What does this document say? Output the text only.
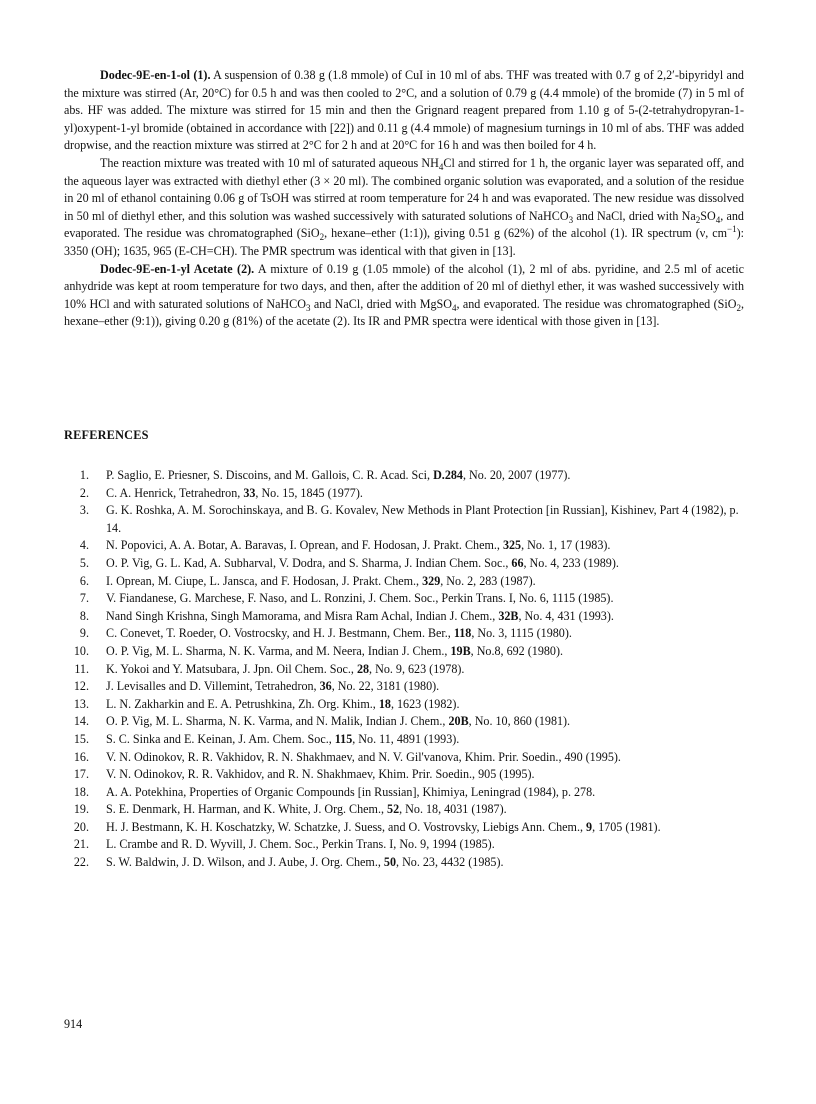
Dodec-9E-en-1-ol (1). A suspension of 0.38 g (1.8 mmole) of CuI in 10 ml of abs. THF was treated with 0.7 g of 2,2′-bipyridyl and the mixture was stirred (Ar, 20°C) for 0.5 h and was then cooled to 2°C, and a solution of 0.79 g (4.4 mmole) of the bromide (7) in 5 ml of abs. HF was added. The mixture was stirred for 15 min and then the Grignard reagent prepared from 1.10 g of 5-(2-tetrahydropyran-1-yl)oxypent-1-yl bromide (obtained in accordance with [22]) and 0.11 g (4.4 mmole) of magnesium turnings in 10 ml of abs. THF was added dropwise, and the reaction mixture was stirred at 2°C for 2 h and at 20°C for 16 h and was then boiled for 4 h.

The reaction mixture was treated with 10 ml of saturated aqueous $NH_4Cl$ and stirred for 1 h, the organic layer was separated off, and the aqueous layer was extracted with diethyl ether (3 × 20 ml). The combined organic solution was evaporated, and a solution of the residue in 20 ml of ethanol containing 0.06 g of TsOH was stirred at room temperature for 24 h and was evaporated. The new residue was dissolved in 50 ml of diethyl ether, and this solution was washed successively with saturated solutions of NaHCO$_3$ and NaCl, dried with $Na_2SO_4$, and evaporated. The residue was chromatographed (SiO$_2$, hexane–ether (1:1)), giving 0.51 g (62%) of the alcohol (1). IR spectrum (ν, $cm^{-1}$): 3350 (OH); 1635, 965 (E-CH=CH). The PMR spectrum was identical with that given in [13].

Dodec-9E-en-1-yl Acetate (2). A mixture of 0.19 g (1.05 mmole) of the alcohol (1), 2 ml of abs. pyridine, and 2.5 ml of acetic anhydride was kept at room temperature for two days, and then, after the addition of 20 ml of diethyl ether, it was washed successively with 10% HCl and with saturated solutions of NaHCO$_3$ and NaCl, dried with MgSO$_4$, and evaporated. The residue was chromatographed (SiO$_2$, hexane–ether (9:1)), giving 0.20 g (81%) of the acetate (2). Its IR and PMR spectra were identical with those given in [13].

REFERENCES
1.	P. Saglio, E. Priesner, S. Discoins, and M. Gallois, C. R. Acad. Sci, D.284, No. 20, 2007 (1977).
2.	C. A. Henrick, Tetrahedron, 33, No. 15, 1845 (1977).
3.	G. K. Roshka, A. M. Sorochinskaya, and B. G. Kovalev, New Methods in Plant Protection [in Russian], Kishinev, Part 4 (1982), p. 14.
4.	N. Popovici, A. A. Botar, A. Baravas, I. Oprean, and F. Hodosan, J. Prakt. Chem., 325, No. 1, 17 (1983).
5.	O. P. Vig, G. L. Kad, A. Subharval, V. Dodra, and S. Sharma, J. Indian Chem. Soc., 66, No. 4, 233 (1989).
6.	I. Oprean, M. Ciupe, L. Jansca, and F. Hodosan, J. Prakt. Chem., 329, No. 2, 283 (1987).
7.	V. Fiandanese, G. Marchese, F. Naso, and L. Ronzini, J. Chem. Soc., Perkin Trans. I, No. 6, 1115 (1985).
8.	Nand Singh Krishna, Singh Mamorama, and Misra Ram Achal, Indian J. Chem., 32B, No. 4, 431 (1993).
9.	C. Conevet, T. Roeder, O. Vostrocsky, and H. J. Bestmann, Chem. Ber., 118, No. 3, 1115 (1980).
10.	O. P. Vig, M. L. Sharma, N. K. Varma, and M. Neera, Indian J. Chem., 19B, No.8, 692 (1980).
11.	K. Yokoi and Y. Matsubara, J. Jpn. Oil Chem. Soc., 28, No. 9, 623 (1978).
12.	J. Levisalles and D. Villemint, Tetrahedron, 36, No. 22, 3181 (1980).
13.	L. N. Zakharkin and E. A. Petrushkina, Zh. Org. Khim., 18, 1623 (1982).
14.	O. P. Vig, M. L. Sharma, N. K. Varma, and N. Malik, Indian J. Chem., 20B, No. 10, 860 (1981).
15.	S. C. Sinka and E. Keinan, J. Am. Chem. Soc., 115, No. 11, 4891 (1993).
16.	V. N. Odinokov, R. R. Vakhidov, R. N. Shakhmaev, and N. V. Gil'vanova, Khim. Prir. Soedin., 490 (1995).
17.	V. N. Odinokov, R. R. Vakhidov, and R. N. Shakhmaev, Khim. Prir. Soedin., 905 (1995).
18.	A. A. Potekhina, Properties of Organic Compounds [in Russian], Khimiya, Leningrad (1984), p. 278.
19.	S. E. Denmark, H. Harman, and K. White, J. Org. Chem., 52, No. 18, 4031 (1987).
20.	H. J. Bestmann, K. H. Koschatzky, W. Schatzke, J. Suess, and O. Vostrovsky, Liebigs Ann. Chem., 9, 1705 (1981).
21.	L. Crambe and R. D. Wyvill, J. Chem. Soc., Perkin Trans. I, No. 9, 1994 (1985).
22.	S. W. Baldwin, J. D. Wilson, and J. Aube, J. Org. Chem., 50, No. 23, 4432 (1985).
914
